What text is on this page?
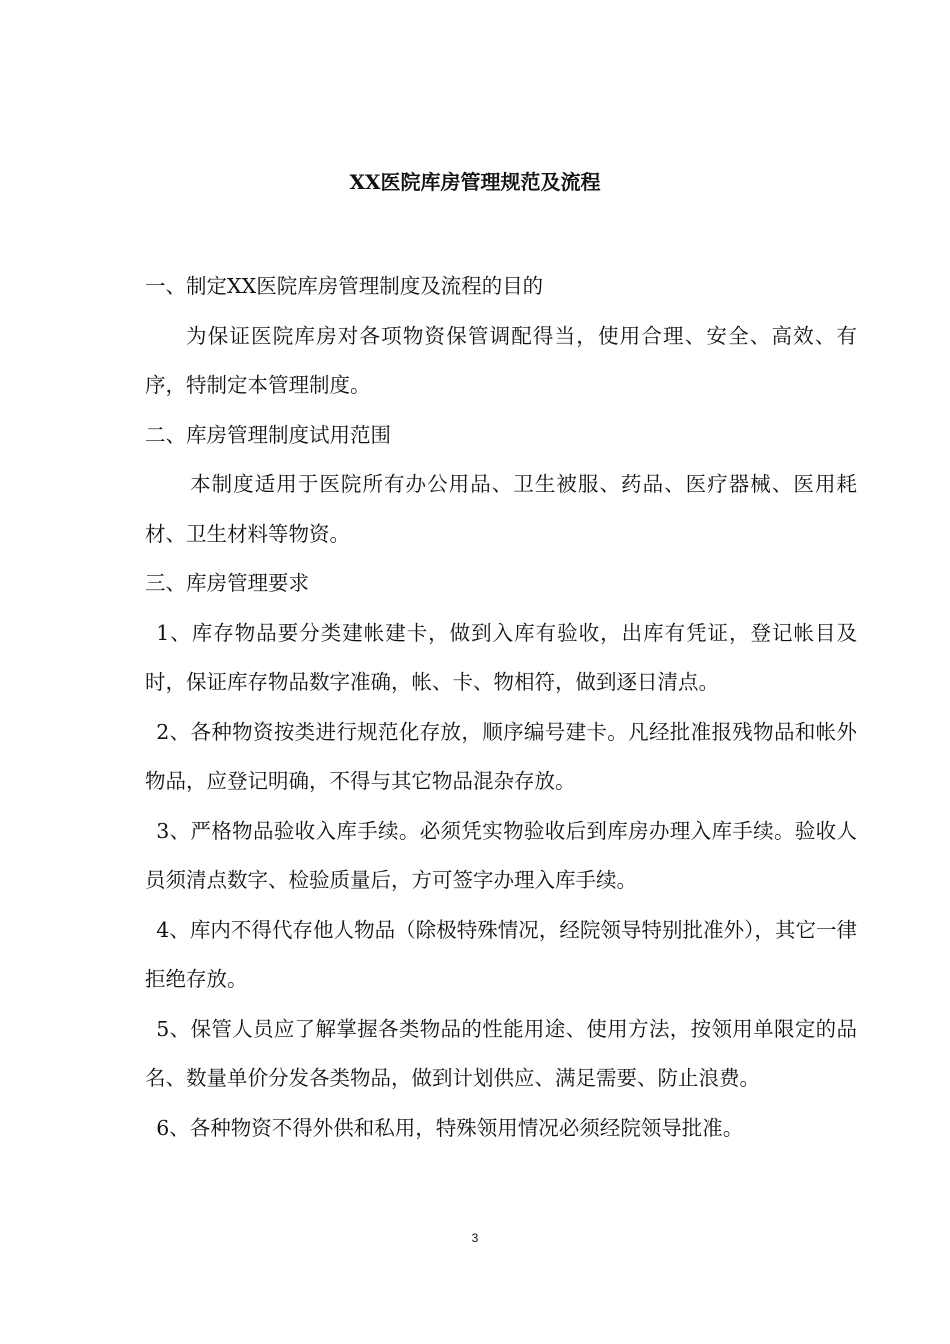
XX医院库房管理规范及流程

一、制定XX医院库房管理制度及流程的目的

为保证医院库房对各项物资保管调配得当，使用合理、安全、高效、有序，特制定本管理制度。

二、库房管理制度试用范围

本制度适用于医院所有办公用品、卫生被服、药品、医疗器械、医用耗材、卫生材料等物资。

三、库房管理要求

1、库存物品要分类建帐建卡，做到入库有验收，出库有凭证，登记帐目及时，保证库存物品数字准确，帐、卡、物相符，做到逐日清点。

2、各种物资按类进行规范化存放，顺序编号建卡。凡经批准报残物品和帐外物品，应登记明确，不得与其它物品混杂存放。

3、严格物品验收入库手续。必须凭实物验收后到库房办理入库手续。验收人员须清点数字、检验质量后，方可签字办理入库手续。

4、库内不得代存他人物品（除极特殊情况，经院领导特别批准外），其它一律拒绝存放。

5、保管人员应了解掌握各类物品的性能用途、使用方法，按领用单限定的品名、数量单价分发各类物品，做到计划供应、满足需要、防止浪费。

6、各种物资不得外供和私用，特殊领用情况必须经院领导批准。

3
